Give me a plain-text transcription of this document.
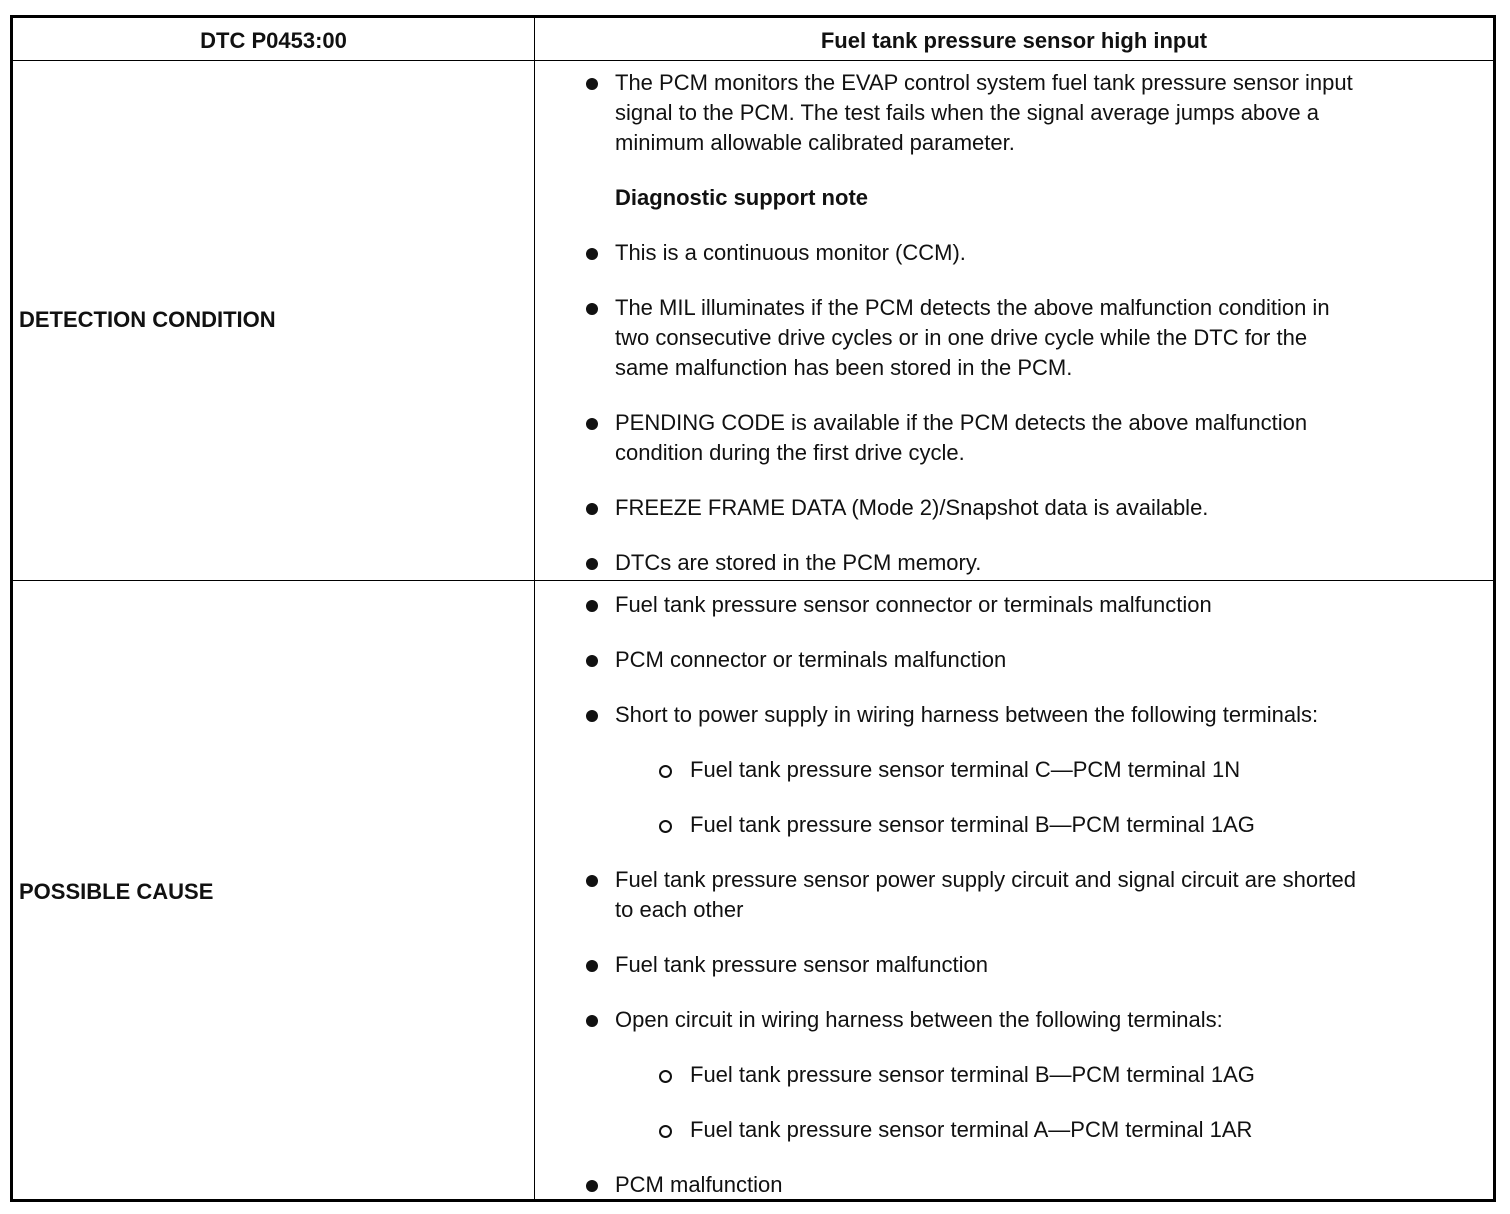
DTC P0453:00	Fuel tank pressure sensor high input
DETECTION CONDITION
POSSIBLE CAUSE
The PCM monitors the EVAP control system fuel tank pressure sensor input
signal to the PCM. The test fails when the signal average jumps above a
minimum allowable calibrated parameter.
Diagnostic support note
This is a continuous monitor (CCM).
The MIL illuminates if the PCM detects the above malfunction condition in
two consecutive drive cycles or in one drive cycle while the DTC for the
same malfunction has been stored in the PCM.
PENDING CODE is available if the PCM detects the above malfunction
condition during the first drive cycle.
FREEZE FRAME DATA (Mode 2)/Snapshot data is available.
DTCs are stored in the PCM memory.
Fuel tank pressure sensor connector or terminals malfunction
PCM connector or terminals malfunction
Short to power supply in wiring harness between the following terminals:
Fuel tank pressure sensor terminal C—PCM terminal 1N
Fuel tank pressure sensor terminal B—PCM terminal 1AG
Fuel tank pressure sensor power supply circuit and signal circuit are shorted
to each other
Fuel tank pressure sensor malfunction
Open circuit in wiring harness between the following terminals:
Fuel tank pressure sensor terminal B—PCM terminal 1AG
Fuel tank pressure sensor terminal A—PCM terminal 1AR
PCM malfunction
